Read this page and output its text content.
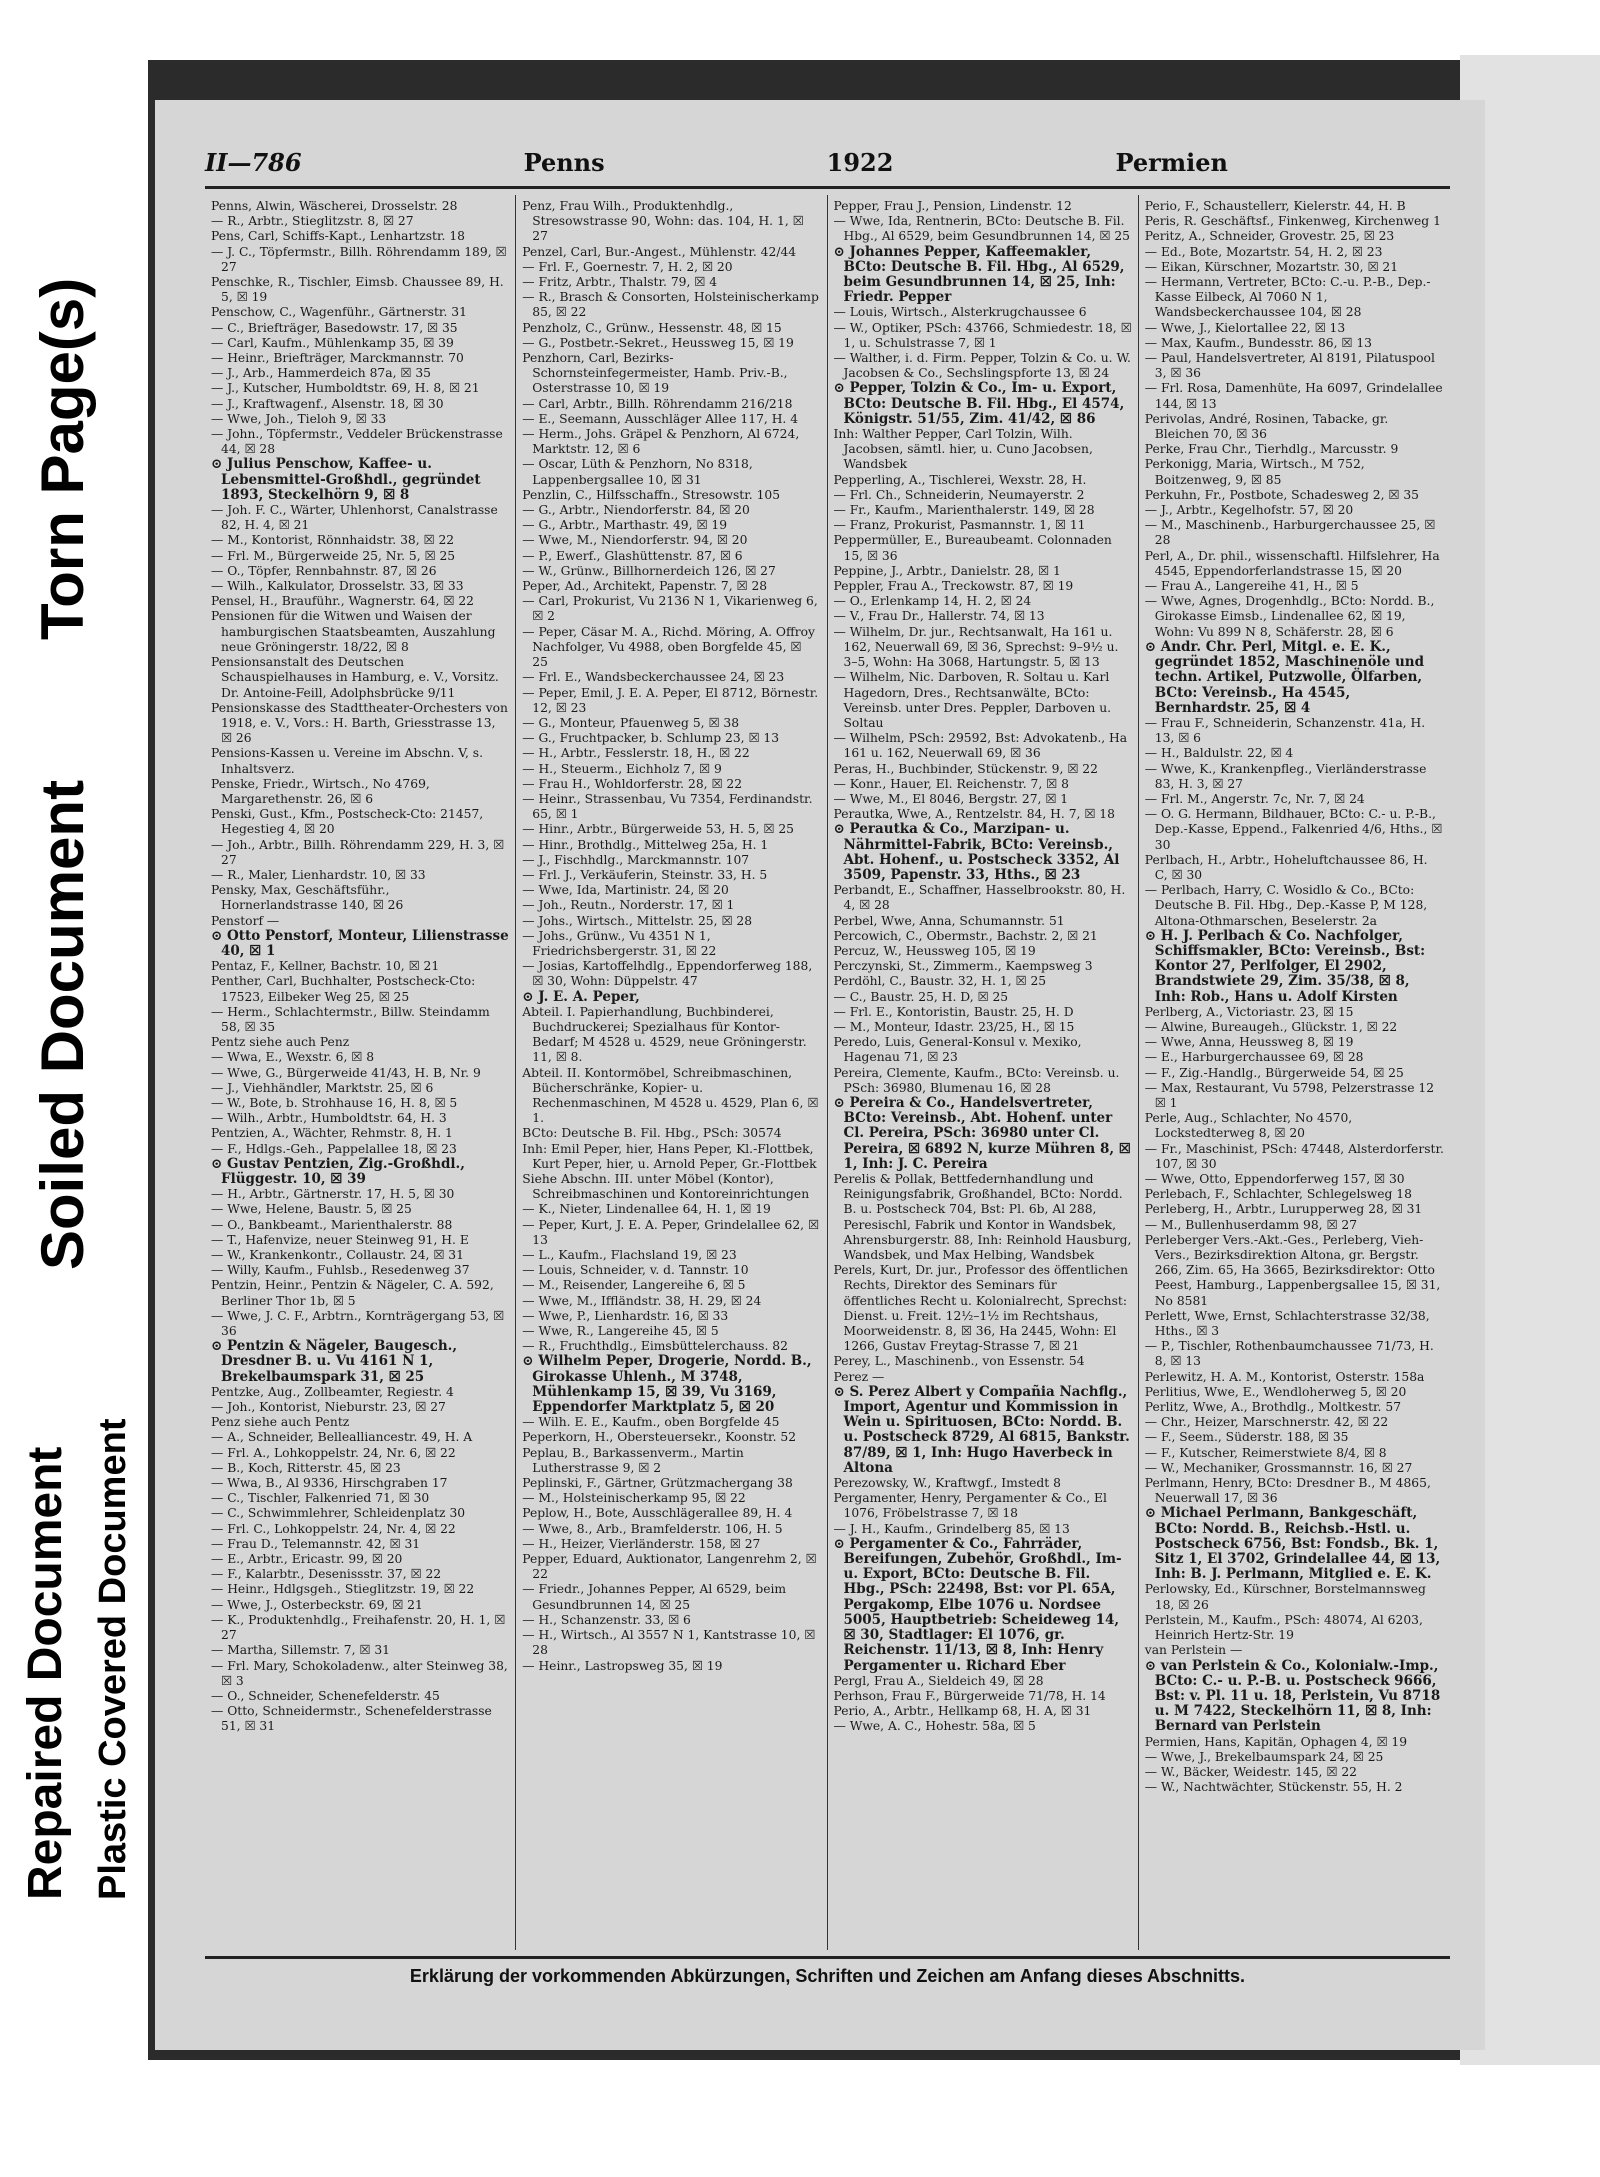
Torn Page(s)
Soiled Document
Repaired Document Plastic Covered Document
II—786	Penns	1922	Permien

Penns, Alwin, Wäscherei, Drosselstr. 28

— R., Arbtr., Stieglitzstr. 8, ☒ 27

Pens, Carl, Schiffs-Kapt., Lenhartzstr. 18

— J. C., Töpfermstr., Billh. Röhrendamm 189, ☒ 27

Penschke, R., Tischler, Eimsb. Chaussee 89, H. 5, ☒ 19

Penschow, C., Wagenführ., Gärtnerstr. 31

— C., Briefträger, Basedowstr. 17, ☒ 35

— Carl, Kaufm., Mühlenkamp 35, ☒ 39

— Heinr., Briefträger, Marckmannstr. 70

— J., Arb., Hammerdeich 87a, ☒ 35

— J., Kutscher, Humboldtstr. 69, H. 8, ☒ 21

— J., Kraftwagenf., Alsenstr. 18, ☒ 30

— Wwe, Joh., Tieloh 9, ☒ 33

— John., Töpfermstr., Veddeler Brückenstrasse 44, ☒ 28

⊙ Julius Penschow, Kaffee- u. Lebensmittel-Großhdl., gegründet 1893, Steckelhörn 9, ☒ 8

— Joh. F. C., Wärter, Uhlenhorst, Canalstrasse 82, H. 4, ☒ 21

— M., Kontorist, Rönnhaidstr. 38, ☒ 22

— Frl. M., Bürgerweide 25, Nr. 5, ☒ 25

— O., Töpfer, Rennbahnstr. 87, ☒ 26

— Wilh., Kalkulator, Drosselstr. 33, ☒ 33

Pensel, H., Brauführ., Wagnerstr. 64, ☒ 22

Pensionen für die Witwen und Waisen der hamburgischen Staatsbeamten, Auszahlung neue Gröningerstr. 18/22, ☒ 8

Pensionsanstalt des Deutschen Schauspielhauses in Hamburg, e. V., Vorsitz. Dr. Antoine-Feill, Adolphsbrücke 9/11

Pensionskasse des Stadttheater-Orchesters von 1918, e. V., Vors.: H. Barth, Griesstrasse 13, ☒ 26

Pensions-Kassen u. Vereine im Abschn. V, s. Inhaltsverz.

Penske, Friedr., Wirtsch., No 4769, Margarethenstr. 26, ☒ 6

Penski, Gust., Kfm., Postscheck-Cto: 21457, Hegestieg 4, ☒ 20

— Joh., Arbtr., Billh. Röhrendamm 229, H. 3, ☒ 27

— R., Maler, Lienhardstr. 10, ☒ 33

Pensky, Max, Geschäftsführ., Hornerlandstrasse 140, ☒ 26

Penstorf —

⊙ Otto Penstorf, Monteur, Lilienstrasse 40, ☒ 1

Pentaz, F., Kellner, Bachstr. 10, ☒ 21

Penther, Carl, Buchhalter, Postscheck-Cto: 17523, Eilbeker Weg 25, ☒ 25

— Herm., Schlachtermstr., Billw. Steindamm 58, ☒ 35

Pentz siehe auch Penz

— Wwa, E., Wexstr. 6, ☒ 8

— Wwe, G., Bürgerweide 41/43, H. B, Nr. 9

— J., Viehhändler, Marktstr. 25, ☒ 6

— W., Bote, b. Strohhause 16, H. 8, ☒ 5

— Wilh., Arbtr., Humboldtstr. 64, H. 3

Pentzien, A., Wächter, Rehmstr. 8, H. 1

— F., Hdlgs.-Geh., Pappelallee 18, ☒ 23

⊙ Gustav Pentzien, Zig.-Großhdl., Flüggestr. 10, ☒ 39

— H., Arbtr., Gärtnerstr. 17, H. 5, ☒ 30

— Wwe, Helene, Baustr. 5, ☒ 25

— O., Bankbeamt., Marienthalerstr. 88

— T., Hafenvize, neuer Steinweg 91, H. E

— W., Krankenkontr., Collaustr. 24, ☒ 31

— Willy, Kaufm., Fuhlsb., Resedenweg 37

Pentzin, Heinr., Pentzin & Nägeler, C. A. 592, Berliner Thor 1b, ☒ 5

— Wwe, J. C. F., Arbtrn., Kornträgergang 53, ☒ 36

⊙ Pentzin & Nägeler, Baugesch., Dresdner B. u. Vu 4161 N 1, Brekelbaumspark 31, ☒ 25

Pentzke, Aug., Zollbeamter, Regiestr. 4

— Joh., Kontorist, Nieburstr. 23, ☒ 27

Penz siehe auch Pentz

— A., Schneider, Bellealliancestr. 49, H. A

— Frl. A., Lohkoppelstr. 24, Nr. 6, ☒ 22

— B., Koch, Ritterstr. 45, ☒ 23

— Wwa, B., Al 9336, Hirschgraben 17

— C., Tischler, Falkenried 71, ☒ 30

— C., Schwimmlehrer, Schleidenplatz 30

— Frl. C., Lohkoppelstr. 24, Nr. 4, ☒ 22

— Frau D., Telemannstr. 42, ☒ 31

— E., Arbtr., Ericastr. 99, ☒ 20

— F., Kalarbtr., Desenissstr. 37, ☒ 22

— Heinr., Hdlgsgeh., Stieglitzstr. 19, ☒ 22

— Wwe, J., Osterbeckstr. 69, ☒ 21

— K., Produktenhdlg., Freihafenstr. 20, H. 1, ☒ 27

— Martha, Sillemstr. 7, ☒ 31

— Frl. Mary, Schokoladenw., alter Steinweg 38, ☒ 3

— O., Schneider, Schenefelderstr. 45

— Otto, Schneidermstr., Schenefelderstrasse 51, ☒ 31

Penz, Frau Wilh., Produktenhdlg., Stresowstrasse 90, Wohn: das. 104, H. 1, ☒ 27

Penzel, Carl, Bur.-Angest., Mühlenstr. 42/44

— Frl. F., Goernestr. 7, H. 2, ☒ 20

— Fritz, Arbtr., Thalstr. 79, ☒ 4

— R., Brasch & Consorten, Holsteinischerkamp 85, ☒ 22

Penzholz, C., Grünw., Hessenstr. 48, ☒ 15

— G., Postbetr.-Sekret., Heussweg 15, ☒ 19

Penzhorn, Carl, Bezirks-Schornsteinfegermeister, Hamb. Priv.-B., Osterstrasse 10, ☒ 19

— Carl, Arbtr., Billh. Röhrendamm 216/218

— E., Seemann, Ausschläger Allee 117, H. 4

— Herm., Johs. Gräpel & Penzhorn, Al 6724, Marktstr. 12, ☒ 6

— Oscar, Lüth & Penzhorn, No 8318, Lappenbergsallee 10, ☒ 31

Penzlin, C., Hilfsschaffn., Stresowstr. 105

— G., Arbtr., Niendorferstr. 84, ☒ 20

— G., Arbtr., Marthastr. 49, ☒ 19

— Wwe, M., Niendorferstr. 94, ☒ 20

— P., Ewerf., Glashüttenstr. 87, ☒ 6

— W., Grünw., Billhornerdeich 126, ☒ 27

Peper, Ad., Architekt, Papenstr. 7, ☒ 28

— Carl, Prokurist, Vu 2136 N 1, Vikarienweg 6, ☒ 2

— Peper, Cäsar M. A., Richd. Möring, A. Offroy Nachfolger, Vu 4988, oben Borgfelde 45, ☒ 25

— Frl. E., Wandsbeckerchaussee 24, ☒ 23

— Peper, Emil, J. E. A. Peper, El 8712, Börnestr. 12, ☒ 23

— G., Monteur, Pfauenweg 5, ☒ 38

— G., Fruchtpacker, b. Schlump 23, ☒ 13

— H., Arbtr., Fesslerstr. 18, H., ☒ 22

— H., Steuerm., Eichholz 7, ☒ 9

— Frau H., Wohldorferstr. 28, ☒ 22

— Heinr., Strassenbau, Vu 7354, Ferdinandstr. 65, ☒ 1

— Hinr., Arbtr., Bürgerweide 53, H. 5, ☒ 25

— Hinr., Brothdlg., Mittelweg 25a, H. 1

— J., Fischhdlg., Marckmannstr. 107

— Frl. J., Verkäuferin, Steinstr. 33, H. 5

— Wwe, Ida, Martinistr. 24, ☒ 20

— Joh., Reutn., Norderstr. 17, ☒ 1

— Johs., Wirtsch., Mittelstr. 25, ☒ 28

— Johs., Grünw., Vu 4351 N 1, Friedrichsbergerstr. 31, ☒ 22

— Josias, Kartoffelhdlg., Eppendorferweg 188, ☒ 30, Wohn: Düppelstr. 47

⊙ J. E. A. Peper,

Abteil. I. Papierhandlung, Buchbinderei, Buchdruckerei; Spezialhaus für Kontor-Bedarf; M 4528 u. 4529, neue Gröningerstr. 11, ☒ 8.

Abteil. II. Kontormöbel, Schreibmaschinen, Bücherschränke, Kopier- u. Rechenmaschinen, M 4528 u. 4529, Plan 6, ☒ 1.

BCto: Deutsche B. Fil. Hbg., PSch: 30574

Inh: Emil Peper, hier, Hans Peper, Kl.-Flottbek, Kurt Peper, hier, u. Arnold Peper, Gr.-Flottbek

Siehe Abschn. III. unter Möbel (Kontor), Schreibmaschinen und Kontoreinrichtungen

— K., Nieter, Lindenallee 64, H. 1, ☒ 19

— Peper, Kurt, J. E. A. Peper, Grindelallee 62, ☒ 13

— L., Kaufm., Flachsland 19, ☒ 23

— Louis, Schneider, v. d. Tannstr. 10

— M., Reisender, Langereihe 6, ☒ 5

— Wwe, M., Iffländstr. 38, H. 29, ☒ 24

— Wwe, P., Lienhardstr. 16, ☒ 33

— Wwe, R., Langereihe 45, ☒ 5

— R., Fruchthdlg., Eimsbüttelerchauss. 82

⊙ Wilhelm Peper, Drogerie, Nordd. B., Girokasse Uhlenh., M 3748, Mühlenkamp 15, ☒ 39, Vu 3169, Eppendorfer Marktplatz 5, ☒ 20

— Wilh. E. E., Kaufm., oben Borgfelde 45

Peperkorn, H., Obersteuersekr., Koonstr. 52

Peplau, B., Barkassenverm., Martin Lutherstrasse 9, ☒ 2

Peplinski, F., Gärtner, Grützmachergang 38

— M., Holsteinischerkamp 95, ☒ 22

Peplow, H., Bote, Ausschlägerallee 89, H. 4

— Wwe, 8., Arb., Bramfelderstr. 106, H. 5

— H., Heizer, Vierländerstr. 158, ☒ 27

Pepper, Eduard, Auktionator, Langenrehm 2, ☒ 22

— Friedr., Johannes Pepper, Al 6529, beim Gesundbrunnen 14, ☒ 25

— H., Schanzenstr. 33, ☒ 6

— H., Wirtsch., Al 3557 N 1, Kantstrasse 10, ☒ 28

— Heinr., Lastropsweg 35, ☒ 19

Pepper, Frau J., Pension, Lindenstr. 12

— Wwe, Ida, Rentnerin, BCto: Deutsche B. Fil. Hbg., Al 6529, beim Gesundbrunnen 14, ☒ 25

⊙ Johannes Pepper, Kaffeemakler, BCto: Deutsche B. Fil. Hbg., Al 6529, beim Gesundbrunnen 14, ☒ 25, Inh: Friedr. Pepper

— Louis, Wirtsch., Alsterkrugchaussee 6

— W., Optiker, PSch: 43766, Schmiedestr. 18, ☒ 1, u. Schulstrasse 7, ☒ 1

— Walther, i. d. Firm. Pepper, Tolzin & Co. u. W. Jacobsen & Co., Sechslingspforte 13, ☒ 24

⊙ Pepper, Tolzin & Co., Im- u. Export, BCto: Deutsche B. Fil. Hbg., El 4574, Königstr. 51/55, Zim. 41/42, ☒ 86

Inh: Walther Pepper, Carl Tolzin, Wilh. Jacobsen, sämtl. hier, u. Cuno Jacobsen, Wandsbek

Pepperling, A., Tischlerei, Wexstr. 28, H.

— Frl. Ch., Schneiderin, Neumayerstr. 2

— Fr., Kaufm., Marienthalerstr. 149, ☒ 28

— Franz, Prokurist, Pasmannstr. 1, ☒ 11

Peppermüller, E., Bureaubeamt. Colonnaden 15, ☒ 36

Peppine, J., Arbtr., Danielstr. 28, ☒ 1

Peppler, Frau A., Treckowstr. 87, ☒ 19

— O., Erlenkamp 14, H. 2, ☒ 24

— V., Frau Dr., Hallerstr. 74, ☒ 13

— Wilhelm, Dr. jur., Rechtsanwalt, Ha 161 u. 162, Neuerwall 69, ☒ 36, Sprechst: 9–9½ u. 3–5, Wohn: Ha 3068, Hartungstr. 5, ☒ 13

— Wilhelm, Nic. Darboven, R. Soltau u. Karl Hagedorn, Dres., Rechtsanwälte, BCto: Vereinsb. unter Dres. Peppler, Darboven u. Soltau

— Wilhelm, PSch: 29592, Bst: Advokatenb., Ha 161 u. 162, Neuerwall 69, ☒ 36

Peras, H., Buchbinder, Stückenstr. 9, ☒ 22

— Konr., Hauer, El. Reichenstr. 7, ☒ 8

— Wwe, M., El 8046, Bergstr. 27, ☒ 1

Perautka, Wwe, A., Rentzelstr. 84, H. 7, ☒ 18

⊙ Perautka & Co., Marzipan- u. Nährmittel-Fabrik, BCto: Vereinsb., Abt. Hohenf., u. Postscheck 3352, Al 3509, Papenstr. 33, Hths., ☒ 23

Perbandt, E., Schaffner, Hasselbrookstr. 80, H. 4, ☒ 28

Perbel, Wwe, Anna, Schumannstr. 51

Percowich, C., Obermstr., Bachstr. 2, ☒ 21

Percuz, W., Heussweg 105, ☒ 19

Perczynski, St., Zimmerm., Kaempsweg 3

Perdöhl, C., Baustr. 32, H. 1, ☒ 25

— C., Baustr. 25, H. D, ☒ 25

— Frl. E., Kontoristin, Baustr. 25, H. D

— M., Monteur, Idastr. 23/25, H., ☒ 15

Peredo, Luis, General-Konsul v. Mexiko, Hagenau 71, ☒ 23

Pereira, Clemente, Kaufm., BCto: Vereinsb. u. PSch: 36980, Blumenau 16, ☒ 28

⊙ Pereira & Co., Handelsvertreter, BCto: Vereinsb., Abt. Hohenf. unter Cl. Pereira, PSch: 36980 unter Cl. Pereira, ☒ 6892 N, kurze Mühren 8, ☒ 1, Inh: J. C. Pereira

Perelis & Pollak, Bettfedernhandlung und Reinigungsfabrik, Großhandel, BCto: Nordd. B. u. Postscheck 704, Bst: Pl. 6b, Al 288, Peresischl, Fabrik und Kontor in Wandsbek, Ahrensburgerstr. 88, Inh: Reinhold Hausburg, Wandsbek, und Max Helbing, Wandsbek

Perels, Kurt, Dr. jur., Professor des öffentlichen Rechts, Direktor des Seminars für öffentliches Recht u. Kolonialrecht, Sprechst: Dienst. u. Freit. 12½–1½ im Rechtshaus, Moorweidenstr. 8, ☒ 36, Ha 2445, Wohn: El 1266, Gustav Freytag-Strasse 7, ☒ 21

Perey, L., Maschinenb., von Essenstr. 54

Perez —

⊙ S. Perez Albert y Compañia Nachflg., Import, Agentur und Kommission in Wein u. Spirituosen, BCto: Nordd. B. u. Postscheck 8729, Al 6815, Bankstr. 87/89, ☒ 1, Inh: Hugo Haverbeck in Altona

Perezowsky, W., Kraftwgf., Imstedt 8

Pergamenter, Henry, Pergamenter & Co., El 1076, Fröbelstrasse 7, ☒ 18

— J. H., Kaufm., Grindelberg 85, ☒ 13

⊙ Pergamenter & Co., Fahrräder, Bereifungen, Zubehör, Großhdl., Im- u. Export, BCto: Deutsche B. Fil. Hbg., PSch: 22498, Bst: vor Pl. 65A, Pergakomp, Elbe 1076 u. Nordsee 5005, Hauptbetrieb: Scheideweg 14, ☒ 30, Stadtlager: El 1076, gr. Reichenstr. 11/13, ☒ 8, Inh: Henry Pergamenter u. Richard Eber

Pergl, Frau A., Sieldeich 49, ☒ 28

Perhson, Frau F., Bürgerweide 71/78, H. 14

Perio, A., Arbtr., Hellkamp 68, H. A, ☒ 31

— Wwe, A. C., Hohestr. 58a, ☒ 5

Perio, F., Schaustellerr, Kielerstr. 44, H. B

Peris, R. Geschäftsf., Finkenweg, Kirchenweg 1

Peritz, A., Schneider, Grovestr. 25, ☒ 23

— Ed., Bote, Mozartstr. 54, H. 2, ☒ 23

— Eikan, Kürschner, Mozartstr. 30, ☒ 21

— Hermann, Vertreter, BCto: C.-u. P.-B., Dep.-Kasse Eilbeck, Al 7060 N 1, Wandsbeckerchaussee 104, ☒ 28

— Wwe, J., Kielortallee 22, ☒ 13

— Max, Kaufm., Bundesstr. 86, ☒ 13

— Paul, Handelsvertreter, Al 8191, Pilatuspool 3, ☒ 36

— Frl. Rosa, Damenhüte, Ha 6097, Grindelallee 144, ☒ 13

Perivolas, André, Rosinen, Tabacke, gr. Bleichen 70, ☒ 36

Perke, Frau Chr., Tierhdlg., Marcusstr. 9

Perkonigg, Maria, Wirtsch., M 752, Boitzenweg, 9, ☒ 85

Perkuhn, Fr., Postbote, Schadesweg 2, ☒ 35

— J., Arbtr., Kegelhofstr. 57, ☒ 20

— M., Maschinenb., Harburgerchaussee 25, ☒ 28

Perl, A., Dr. phil., wissenschaftl. Hilfslehrer, Ha 4545, Eppendorferlandstrasse 15, ☒ 20

— Frau A., Langereihe 41, H., ☒ 5

— Wwe, Agnes, Drogenhdlg., BCto: Nordd. B., Girokasse Eimsb., Lindenallee 62, ☒ 19, Wohn: Vu 899 N 8, Schäferstr. 28, ☒ 6

⊙ Andr. Chr. Perl, Mitgl. e. E. K., gegründet 1852, Maschinenöle und techn. Artikel, Putzwolle, Ölfarben, BCto: Vereinsb., Ha 4545, Bernhardstr. 25, ☒ 4

— Frau F., Schneiderin, Schanzenstr. 41a, H. 13, ☒ 6

— H., Baldulstr. 22, ☒ 4

— Wwe, K., Krankenpfleg., Vierländerstrasse 83, H. 3, ☒ 27

— Frl. M., Angerstr. 7c, Nr. 7, ☒ 24

— O. G. Hermann, Bildhauer, BCto: C.- u. P.-B., Dep.-Kasse, Eppend., Falkenried 4/6, Hths., ☒ 30

Perlbach, H., Arbtr., Hoheluftchaussee 86, H. C, ☒ 30

— Perlbach, Harry, C. Wosidlo & Co., BCto: Deutsche B. Fil. Hbg., Dep.-Kasse P, M 128, Altona-Othmarschen, Beselerstr. 2a

⊙ H. J. Perlbach & Co. Nachfolger, Schiffsmakler, BCto: Vereinsb., Bst: Kontor 27, Perlfolger, El 2902, Brandstwiete 29, Zim. 35/38, ☒ 8, Inh: Rob., Hans u. Adolf Kirsten

Perlberg, A., Victoriastr. 23, ☒ 15

— Alwine, Bureaugeh., Glückstr. 1, ☒ 22

— Wwe, Anna, Heussweg 8, ☒ 19

— E., Harburgerchaussee 69, ☒ 28

— F., Zig.-Handlg., Bürgerweide 54, ☒ 25

— Max, Restaurant, Vu 5798, Pelzerstrasse 12 ☒ 1

Perle, Aug., Schlachter, No 4570, Lockstedterweg 8, ☒ 20

— Fr., Maschinist, PSch: 47448, Alsterdorferstr. 107, ☒ 30

— Wwe, Otto, Eppendorferweg 157, ☒ 30

Perlebach, F., Schlachter, Schlegelsweg 18

Perleberg, H., Arbtr., Lurupperweg 28, ☒ 31

— M., Bullenhuserdamm 98, ☒ 27

Perleberger Vers.-Akt.-Ges., Perleberg, Vieh-Vers., Bezirksdirektion Altona, gr. Bergstr. 266, Zim. 65, Ha 3665, Bezirksdirektor: Otto Peest, Hamburg., Lappenbergsallee 15, ☒ 31, No 8581

Perlett, Wwe, Ernst, Schlachterstrasse 32/38, Hths., ☒ 3

— P., Tischler, Rothenbaumchaussee 71/73, H. 8, ☒ 13

Perlewitz, H. A. M., Kontorist, Osterstr. 158a

Perlitius, Wwe, E., Wendloherweg 5, ☒ 20

Perlitz, Wwe, A., Brothdlg., Moltkestr. 57

— Chr., Heizer, Marschnerstr. 42, ☒ 22

— F., Seem., Süderstr. 188, ☒ 35

— F., Kutscher, Reimerstwiete 8/4, ☒ 8

— W., Mechaniker, Grossmannstr. 16, ☒ 27

Perlmann, Henry, BCto: Dresdner B., M 4865, Neuerwall 17, ☒ 36

⊙ Michael Perlmann, Bankgeschäft, BCto: Nordd. B., Reichsb.-Hstl. u. Postscheck 6756, Bst: Fondsb., Bk. 1, Sitz 1, El 3702, Grindelallee 44, ☒ 13, Inh: B. J. Perlmann, Mitglied e. E. K.

Perlowsky, Ed., Kürschner, Borstelmannsweg 18, ☒ 26

Perlstein, M., Kaufm., PSch: 48074, Al 6203, Heinrich Hertz-Str. 19

van Perlstein —

⊙ van Perlstein & Co., Kolonialw.-Imp., BCto: C.- u. P.-B. u. Postscheck 9666, Bst: v. Pl. 11 u. 18, Perlstein, Vu 8718 u. M 7422, Steckelhörn 11, ☒ 8, Inh: Bernard van Perlstein

Permien, Hans, Kapitän, Ophagen 4, ☒ 19

— Wwe, J., Brekelbaumspark 24, ☒ 25

— W., Bäcker, Weidestr. 145, ☒ 22

— W., Nachtwächter, Stückenstr. 55, H. 2

Erklärung der vorkommenden Abkürzungen, Schriften und Zeichen am Anfang dieses Abschnitts.
